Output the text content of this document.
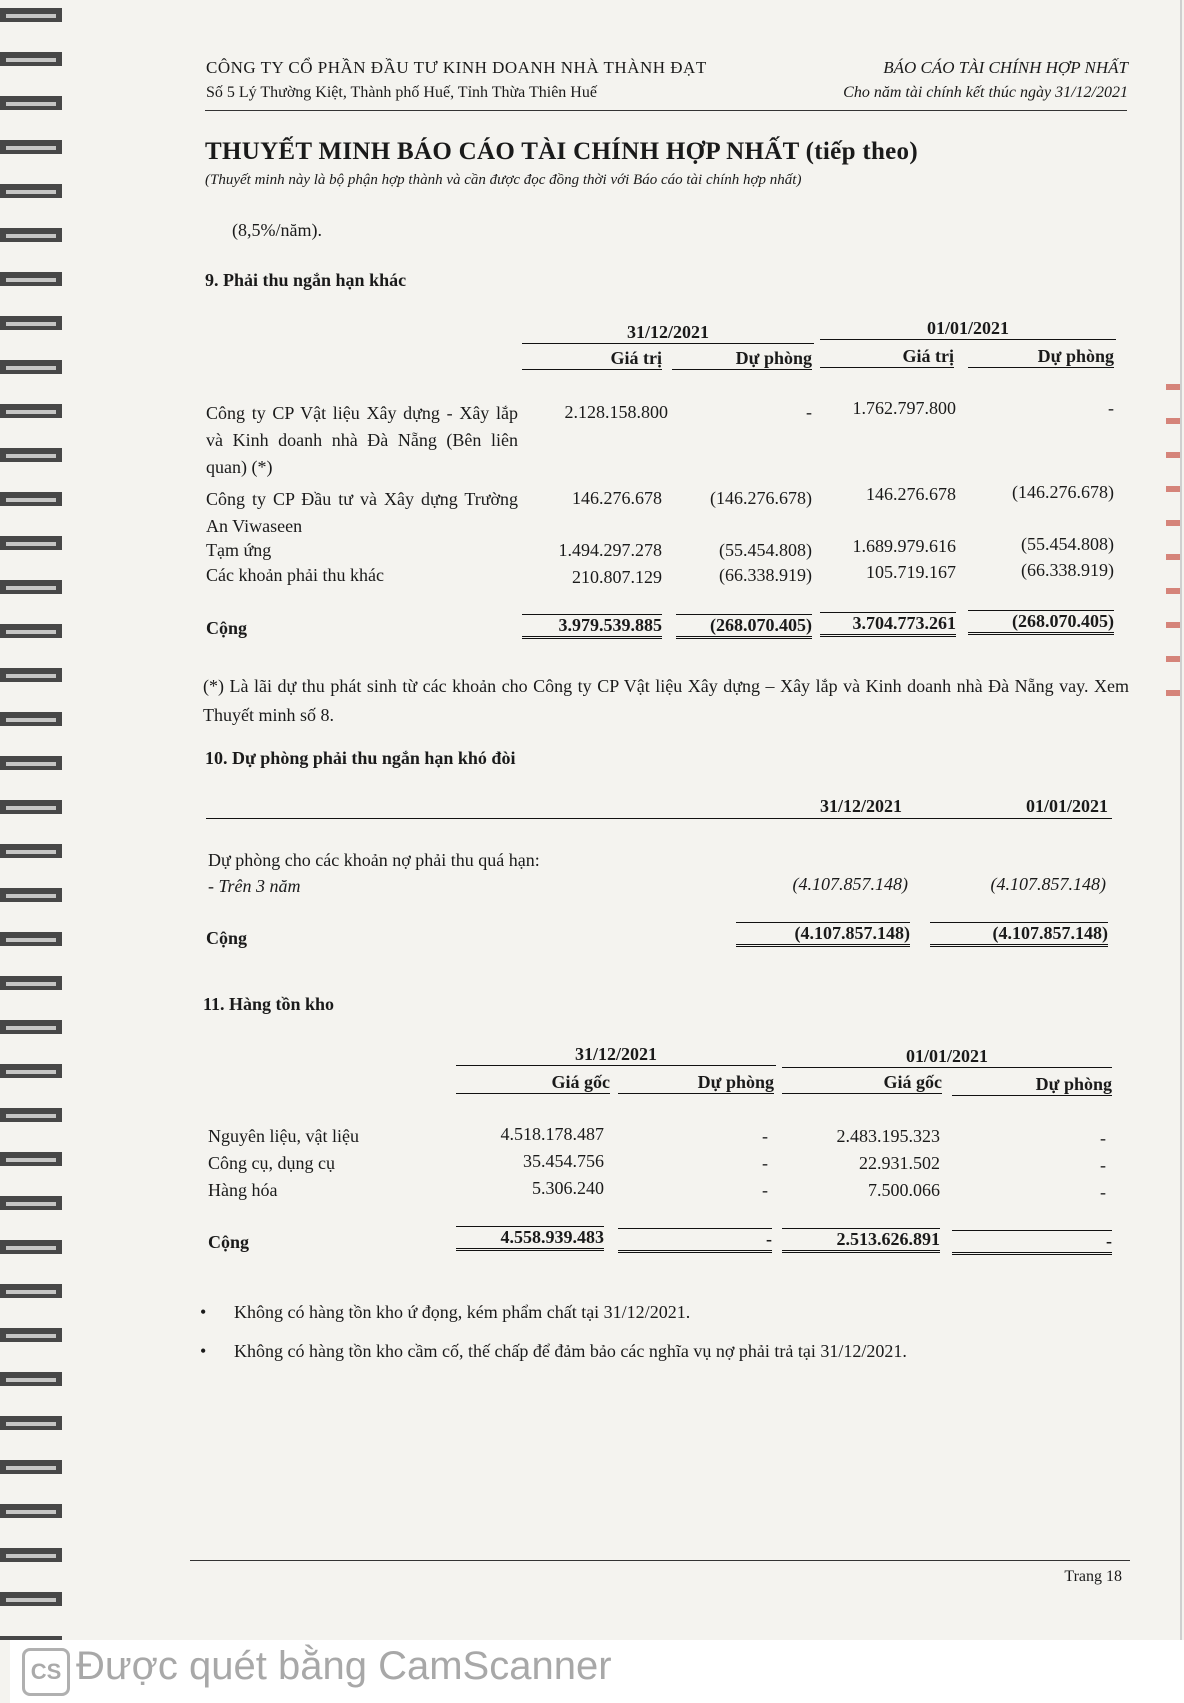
CÔNG TY CỔ PHẦN ĐẦU TƯ KINH DOANH NHÀ THÀNH ĐẠT
Số 5 Lý Thường Kiệt, Thành phố Huế, Tỉnh Thừa Thiên Huế
BÁO CÁO TÀI CHÍNH HỢP NHẤT
Cho năm tài chính kết thúc ngày 31/12/2021
THUYẾT MINH BÁO CÁO TÀI CHÍNH HỢP NHẤT (tiếp theo)
(Thuyết minh này là bộ phận hợp thành và cần được đọc đồng thời với Báo cáo tài chính hợp nhất)
(8,5%/năm).
9. Phải thu ngắn hạn khác
31/12/2021	01/01/2021
Giá trị	Dự phòng	Giá trị	Dự phòng
Công ty CP Vật liệu Xây dựng - Xây lắp và Kinh doanh nhà Đà Nẵng (Bên liên quan) (*)
2.128.158.800	-	1.762.797.800	-
Công ty CP Đầu tư và Xây dựng Trường An Viwaseen
146.276.678	(146.276.678)	146.276.678	(146.276.678)
Tạm ứng	1.494.297.278	(55.454.808)	1.689.979.616	(55.454.808)
Các khoản phải thu khác	210.807.129	(66.338.919)	105.719.167	(66.338.919)
Cộng	3.979.539.885	(268.070.405)	3.704.773.261	(268.070.405)
(*) Là lãi dự thu phát sinh từ các khoản cho Công ty CP Vật liệu Xây dựng – Xây lắp và Kinh doanh nhà Đà Nẵng vay. Xem Thuyết minh số 8.
10. Dự phòng phải thu ngắn hạn khó đòi
31/12/2021	01/01/2021
Dự phòng cho các khoản nợ phải thu quá hạn:
- Trên 3 năm	(4.107.857.148)	(4.107.857.148)
Cộng	(4.107.857.148)	(4.107.857.148)
11. Hàng tồn kho
31/12/2021	01/01/2021
Giá gốc	Dự phòng	Giá gốc	Dự phòng
Nguyên liệu, vật liệu	4.518.178.487	-	2.483.195.323	-
Công cụ, dụng cụ	35.454.756	-	22.931.502	-
Hàng hóa	5.306.240	-	7.500.066	-
Cộng	4.558.939.483	-	2.513.626.891	-
• Không có hàng tồn kho ứ đọng, kém phẩm chất tại 31/12/2021.
• Không có hàng tồn kho cầm cố, thế chấp để đảm bảo các nghĩa vụ nợ phải trả tại 31/12/2021.
Trang 18
CS Được quét bằng CamScanner
